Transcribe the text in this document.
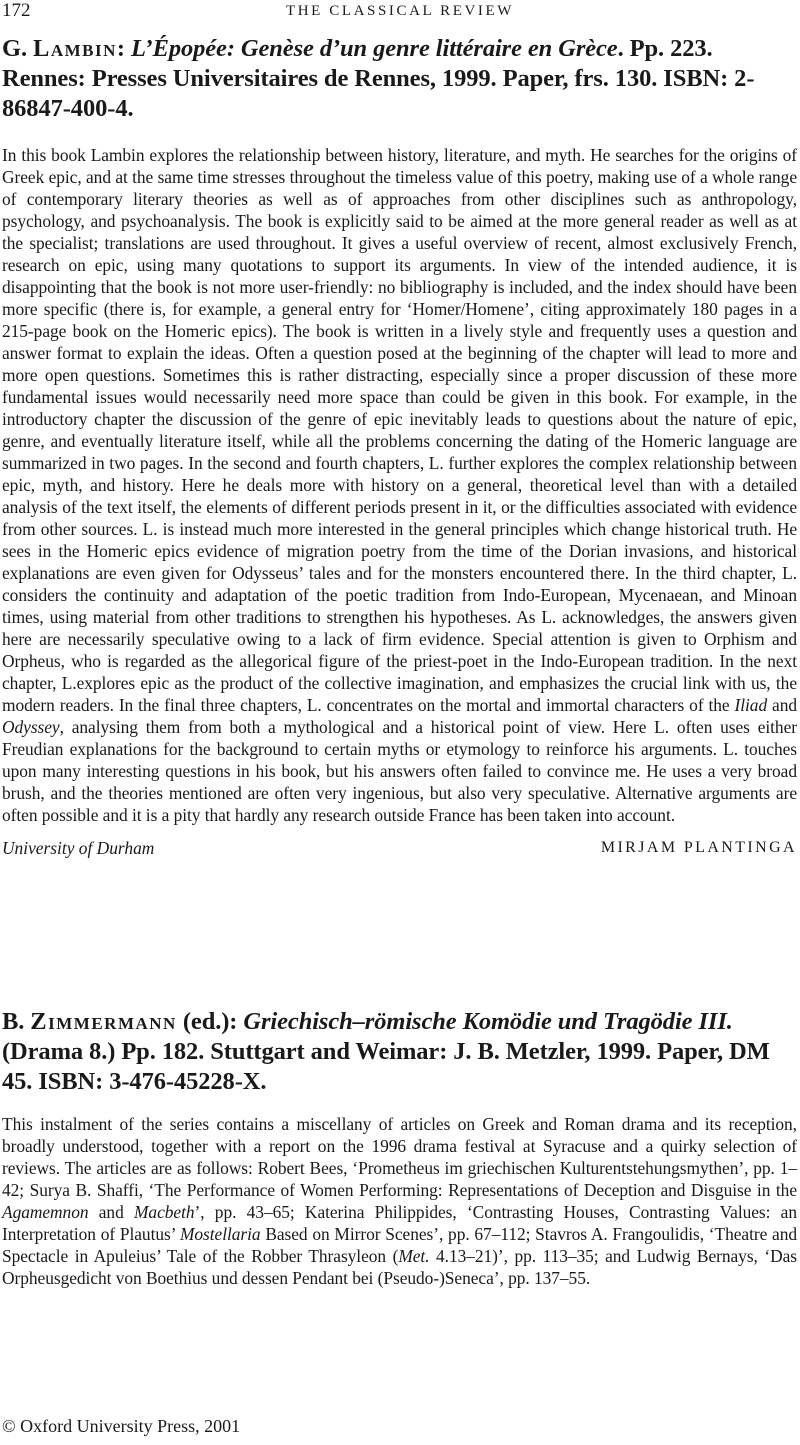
172	THE CLASSICAL REVIEW
G. Lambin: L’Épopée: Genèse d’un genre littéraire en Grèce. Pp. 223. Rennes: Presses Universitaires de Rennes, 1999. Paper, frs. 130. ISBN: 2-86847-400-4.

In this book Lambin explores the relationship between history, literature, and myth. He searches for the origins of Greek epic, and at the same time stresses throughout the timeless value of this poetry, making use of a whole range of contemporary literary theories as well as of approaches from other disciplines such as anthropology, psychology, and psychoanalysis. The book is explicitly said to be aimed at the more general reader as well as at the specialist; translations are used throughout. It gives a useful overview of recent, almost exclusively French, research on epic, using many quotations to support its arguments. In view of the intended audience, it is disappointing that the book is not more user-friendly: no bibliography is included, and the index should have been more specific (there is, for example, a general entry for ‘Homer/Homene’, citing approximately 180 pages in a 215-page book on the Homeric epics). The book is written in a lively style and frequently uses a question and answer format to explain the ideas. Often a question posed at the beginning of the chapter will lead to more and more open questions. Sometimes this is rather distracting, especially since a proper discussion of these more fundamental issues would necessarily need more space than could be given in this book. For example, in the introductory chapter the discussion of the genre of epic inevitably leads to questions about the nature of epic, genre, and eventually literature itself, while all the problems concerning the dating of the Homeric language are summarized in two pages. In the second and fourth chapters, L. further explores the complex relationship between epic, myth, and history. Here he deals more with history on a general, theoretical level than with a detailed analysis of the text itself, the elements of different periods present in it, or the difficulties associated with evidence from other sources. L. is instead much more interested in the general principles which change historical truth. He sees in the Homeric epics evidence of migration poetry from the time of the Dorian invasions, and historical explanations are even given for Odysseus’ tales and for the monsters encountered there. In the third chapter, L. considers the continuity and adaptation of the poetic tradition from Indo-European, Mycenaean, and Minoan times, using material from other traditions to strengthen his hypotheses. As L. acknowledges, the answers given here are necessarily speculative owing to a lack of firm evidence. Special attention is given to Orphism and Orpheus, who is regarded as the allegorical figure of the priest-poet in the Indo-European tradition. In the next chapter, L.explores epic as the product of the collective imagination, and emphasizes the crucial link with us, the modern readers. In the final three chapters, L. concentrates on the mortal and immortal characters of the Iliad and Odyssey, analysing them from both a mythological and a historical point of view. Here L. often uses either Freudian explanations for the background to certain myths or etymology to reinforce his arguments. L. touches upon many interesting questions in his book, but his answers often failed to convince me. He uses a very broad brush, and the theories mentioned are often very ingenious, but also very speculative. Alternative arguments are often possible and it is a pity that hardly any research outside France has been taken into account.

University of Durham	MIRJAM PLANTINGA
B. Zimmermann (ed.): Griechisch–römische Komödie und Tragödie III. (Drama 8.) Pp. 182. Stuttgart and Weimar: J. B. Metzler, 1999. Paper, DM 45. ISBN: 3-476-45228-X.

This instalment of the series contains a miscellany of articles on Greek and Roman drama and its reception, broadly understood, together with a report on the 1996 drama festival at Syracuse and a quirky selection of reviews. The articles are as follows: Robert Bees, ‘Prometheus im griechischen Kulturentstehungsmythen’, pp. 1–42; Surya B. Shaffi, ‘The Performance of Women Performing: Representations of Deception and Disguise in the Agamemnon and Macbeth’, pp. 43–65; Katerina Philippides, ‘Contrasting Houses, Contrasting Values: an Interpretation of Plautus’ Mostellaria Based on Mirror Scenes’, pp. 67–112; Stavros A. Frangoulidis, ‘Theatre and Spectacle in Apuleius’ Tale of the Robber Thrasyleon (Met. 4.13–21)’, pp. 113–35; and Ludwig Bernays, ‘Das Orpheusgedicht von Boethius und dessen Pendant bei (Pseudo-)Seneca’, pp. 137–55.

© Oxford University Press, 2001
